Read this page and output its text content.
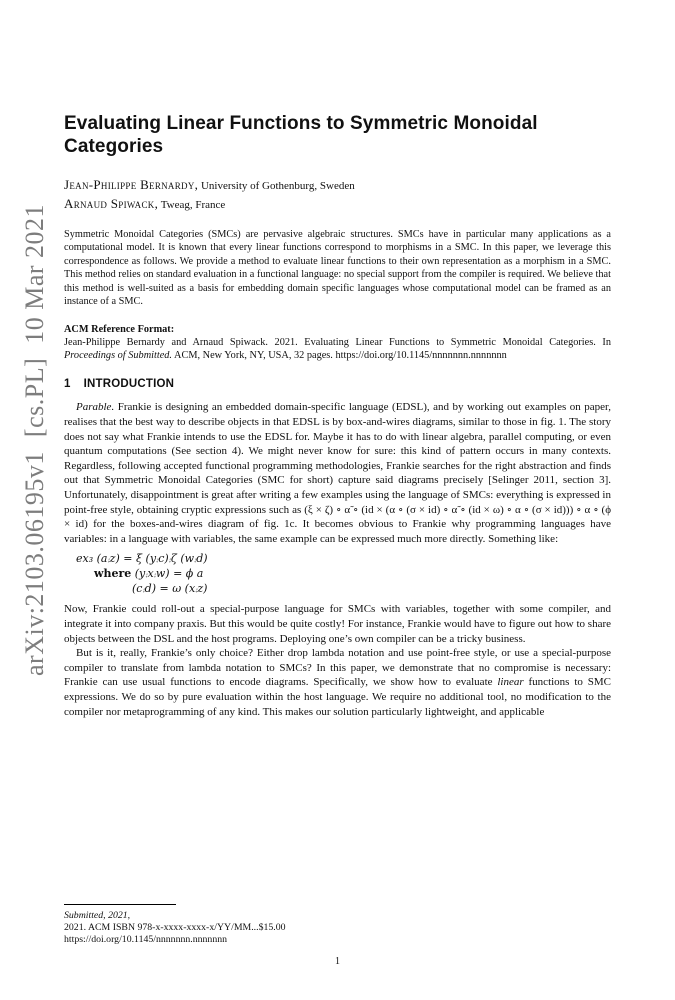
arXiv:2103.06195v1  [cs.PL]  10 Mar 2021
Evaluating Linear Functions to Symmetric Monoidal Categories
Jean-Philippe Bernardy, University of Gothenburg, Sweden
Arnaud Spiwack, Tweag, France

Symmetric Monoidal Categories (SMCs) are pervasive algebraic structures. SMCs have in particular many applications as a computational model. It is known that every linear functions correspond to morphisms in a SMC. In this paper, we leverage this correspondence as follows. We provide a method to evaluate linear functions to their own representation as a morphism in a SMC. This method relies on standard evaluation in a functional language: no special support from the compiler is required. We believe that this method is well-suited as a basis for embedding domain specific languages whose computational model can be framed as an instance of a SMC.

ACM Reference Format:
Jean-Philippe Bernardy and Arnaud Spiwack. 2021. Evaluating Linear Functions to Symmetric Monoidal Categories. In Proceedings of Submitted. ACM, New York, NY, USA, 32 pages. https://doi.org/10.1145/nnnnnnn.nnnnnnn
1 INTRODUCTION

Parable. Frankie is designing an embedded domain-specific language (EDSL), and by working out examples on paper, realises that the best way to describe objects in that EDSL is by box-and-wires diagrams, similar to those in fig. 1. The story does not say what Frankie intends to use the EDSL for. Maybe it has to do with linear algebra, parallel computing, or even quantum computations (See section 4). We might never know for sure: this kind of pattern occurs in many contexts. Regardless, following accepted functional programming methodologies, Frankie searches for the right abstraction and finds out that Symmetric Monoidal Categories (SMC for short) capture said diagrams precisely [Selinger 2011, section 3]. Unfortunately, disappointment is great after writing a few examples using the language of SMCs: everything is expressed in point-free style, obtaining cryptic expressions such as (ξ × ζ) ∘ α̃ ∘ (id × (α ∘ (σ × id) ∘ α̃ ∘ (id × ω) ∘ α ∘ (σ × id))) ∘ α ∘ (ϕ × id) for the boxes-and-wires diagram of fig. 1c. It becomes obvious to Frankie why programming languages have variables: in a language with variables, the same example can be expressed much more directly. Something like:

ex₃ (a⨾z) = ξ (y⨾c)⨾ζ (w⨾d)
where (y⨾x⨾w) = ϕ a
(c⨾d) = ω (x⨾z)

Now, Frankie could roll-out a special-purpose language for SMCs with variables, together with some compiler, and integrate it into company praxis. But this would be quite costly! For instance, Frankie would have to figure out how to share objects between the DSL and the host programs. Deploying one’s own compiler can be a tricky business.

But is it, really, Frankie’s only choice? Either drop lambda notation and use point-free style, or use a special-purpose compiler to translate from lambda notation to SMCs? In this paper, we demonstrate that no compromise is necessary: Frankie can use usual functions to encode diagrams. Specifically, we show how to evaluate linear functions to SMC expressions. We do so by pure evaluation within the host language. We require no additional tool, no modification to the compiler nor metaprogramming of any kind. This makes our solution particularly lightweight, and applicable

Submitted, 2021,
2021. ACM ISBN 978-x-xxxx-xxxx-x/YY/MM...$15.00
https://doi.org/10.1145/nnnnnnn.nnnnnnn
1
